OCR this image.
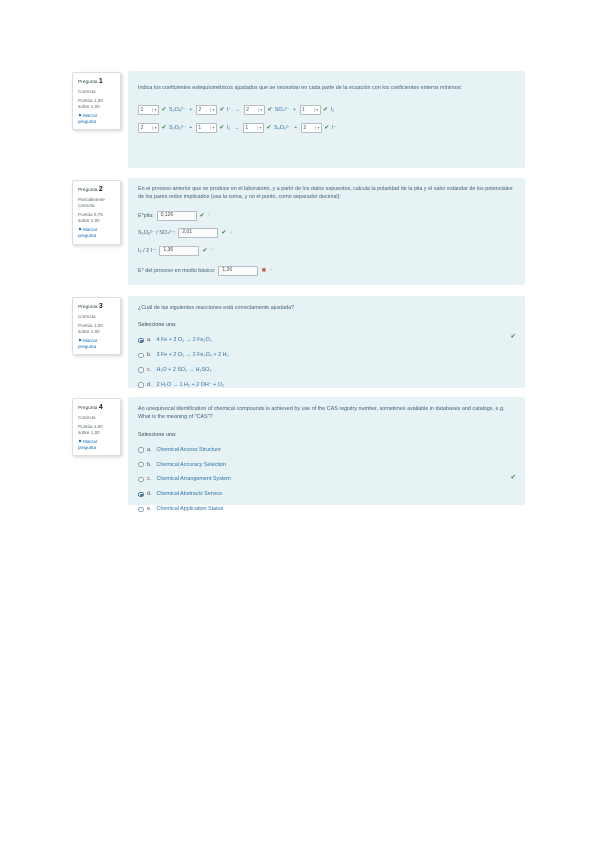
Pregunta 1
Correcta
Puntúa 1,00 sobre 1,00
⚑Marcar pregunta
Indica los coeficientes estequiométricos ajustados que se necesitan en cada parte de la ecuación con los coeficientes enteros mínimos:
1	▾ ✔ S₂O₈²⁻ + 2	▾ ✔ I⁻ → 2	▾ ✔ SO₄²⁻ + 1	▾ ✔ I₂
2	▾ ✔ S₂O₃²⁻ + 1	▾ ✔ I₂ → 1	▾ ✔ S₄O₆²⁻ + 2	▾ ✔ I⁻
Pregunta 2
Parcialmente correcta
Puntúa 0,75 sobre 1,00
⚑Marcar pregunta
En el proceso anterior que se produce en el laboratorio, y a partir de los datos expuestos, calcula la polaridad de la pila y el valor estándar de los potenciales de los pares redox implicados (usa la coma, y no el punto, como separador decimal):
E°pila:	0,126	✔ ✓
S₂O₈²⁻ / SO₄²⁻:	2,01	✔ ✓
I₂ / 2 I⁻:	1,36	✔ ✓
E° del proceso en medio básico:	1,26	✖ ✓
Pregunta 3
Correcta
Puntúa 1,00 sobre 1,00
⚑Marcar pregunta
¿Cuál de las siguientes reacciones está correctamente ajustada?
Seleccione una:
a. 4 Fe + 3 O₂ → 2 Fe₂O₃
b. 3 Fe + 2 O₂ → 2 Fe₃O₄ + 2 H₂
c. H₂O + 2 SO₂ → H₂SO₄
d. 2 H₂O → 1 H₂ + 2 OH⁻ + O₂
✔
Pregunta 4
Correcta
Puntúa 1,00 sobre 1,00
⚑Marcar pregunta
An unequivocal identification of chemical compounds is achieved by use of the CAS registry number, sometimes available in databases and catalogs, e.g. What is the meaning of "CAS"?
Seleccione una:
a. Chemical Access Structure
b. Chemical Accuracy Selection
c. Chemical Arrangement System
d. Chemical Abstracts Service
e. Chemical Application Status
✔
